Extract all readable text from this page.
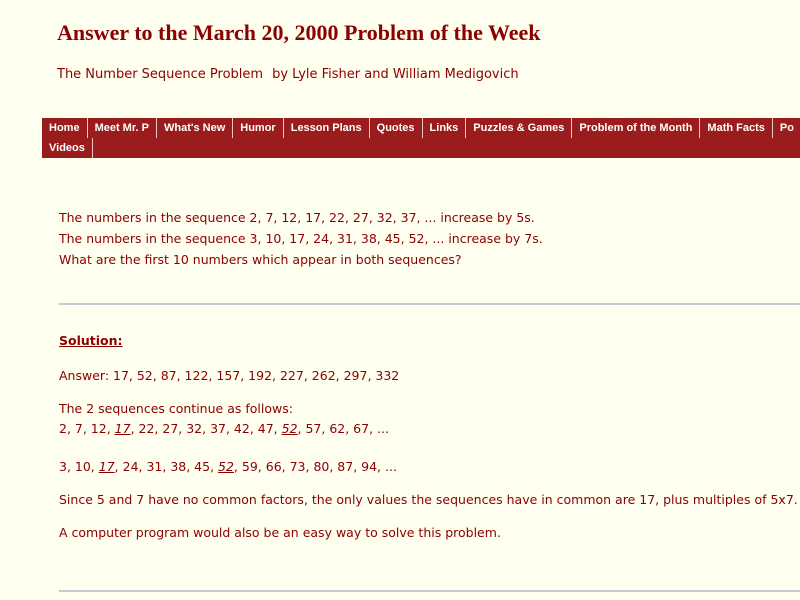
Answer to the March 20, 2000 Problem of the Week
The Number Sequence Problem by Lyle Fisher and William Medigovich
Home	Meet Mr. P	What's New	Humor	Lesson Plans	Quotes	Links	Puzzles & Games	Problem of the Month	Math Facts	Po
Videos
The numbers in the sequence 2, 7, 12, 17, 22, 27, 32, 37, ... increase by 5s.
The numbers in the sequence 3, 10, 17, 24, 31, 38, 45, 52, ... increase by 7s.
What are the first 10 numbers which appear in both sequences?
Solution:
Answer: 17, 52, 87, 122, 157, 192, 227, 262, 297, 332
The 2 sequences continue as follows:
2, 7, 12, 17, 22, 27, 32, 37, 42, 47, 52, 57, 62, 67, ...
3, 10, 17, 24, 31, 38, 45, 52, 59, 66, 73, 80, 87, 94, ...
Since 5 and 7 have no common factors, the only values the sequences have in common are 17, plus multiples of 5x7.
A computer program would also be an easy way to solve this problem.
